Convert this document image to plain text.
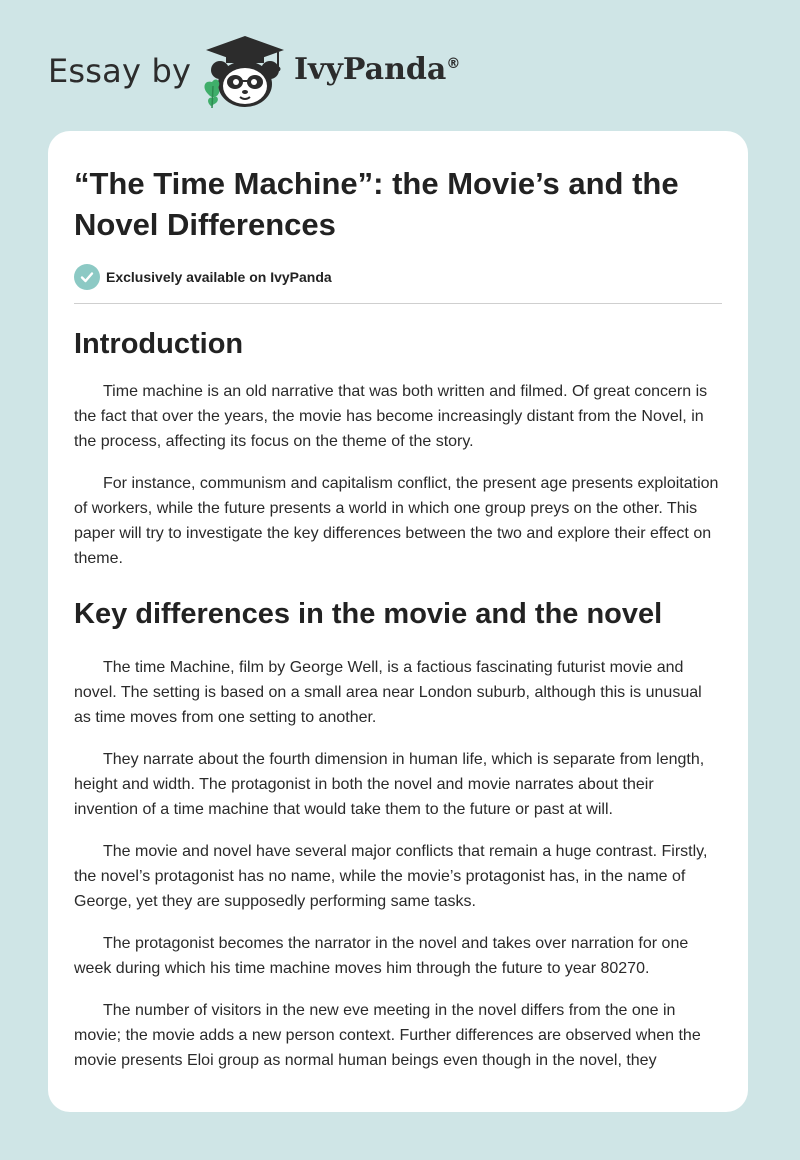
Essay by	IvyPanda®
“The Time Machine”: the Movie’s and the Novel Differences
Exclusively available on IvyPanda
Introduction

Time machine is an old narrative that was both written and filmed. Of great concern is the fact that over the years, the movie has become increasingly distant from the Novel, in the process, affecting its focus on the theme of the story.

For instance, communism and capitalism conflict, the present age presents exploitation of workers, while the future presents a world in which one group preys on the other. This paper will try to investigate the key differences between the two and explore their effect on theme.

Key differences in the movie and the novel

The time Machine, film by George Well, is a factious fascinating futurist movie and novel. The setting is based on a small area near London suburb, although this is unusual as time moves from one setting to another.

They narrate about the fourth dimension in human life, which is separate from length, height and width. The protagonist in both the novel and movie narrates about their invention of a time machine that would take them to the future or past at will.

The movie and novel have several major conflicts that remain a huge contrast. Firstly, the novel’s protagonist has no name, while the movie’s protagonist has, in the name of George, yet they are supposedly performing same tasks.

The protagonist becomes the narrator in the novel and takes over narration for one week during which his time machine moves him through the future to year 80270.

The number of visitors in the new eve meeting in the novel differs from the one in movie; the movie adds a new person context. Further differences are observed when the movie presents Eloi group as normal human beings even though in the novel, they
